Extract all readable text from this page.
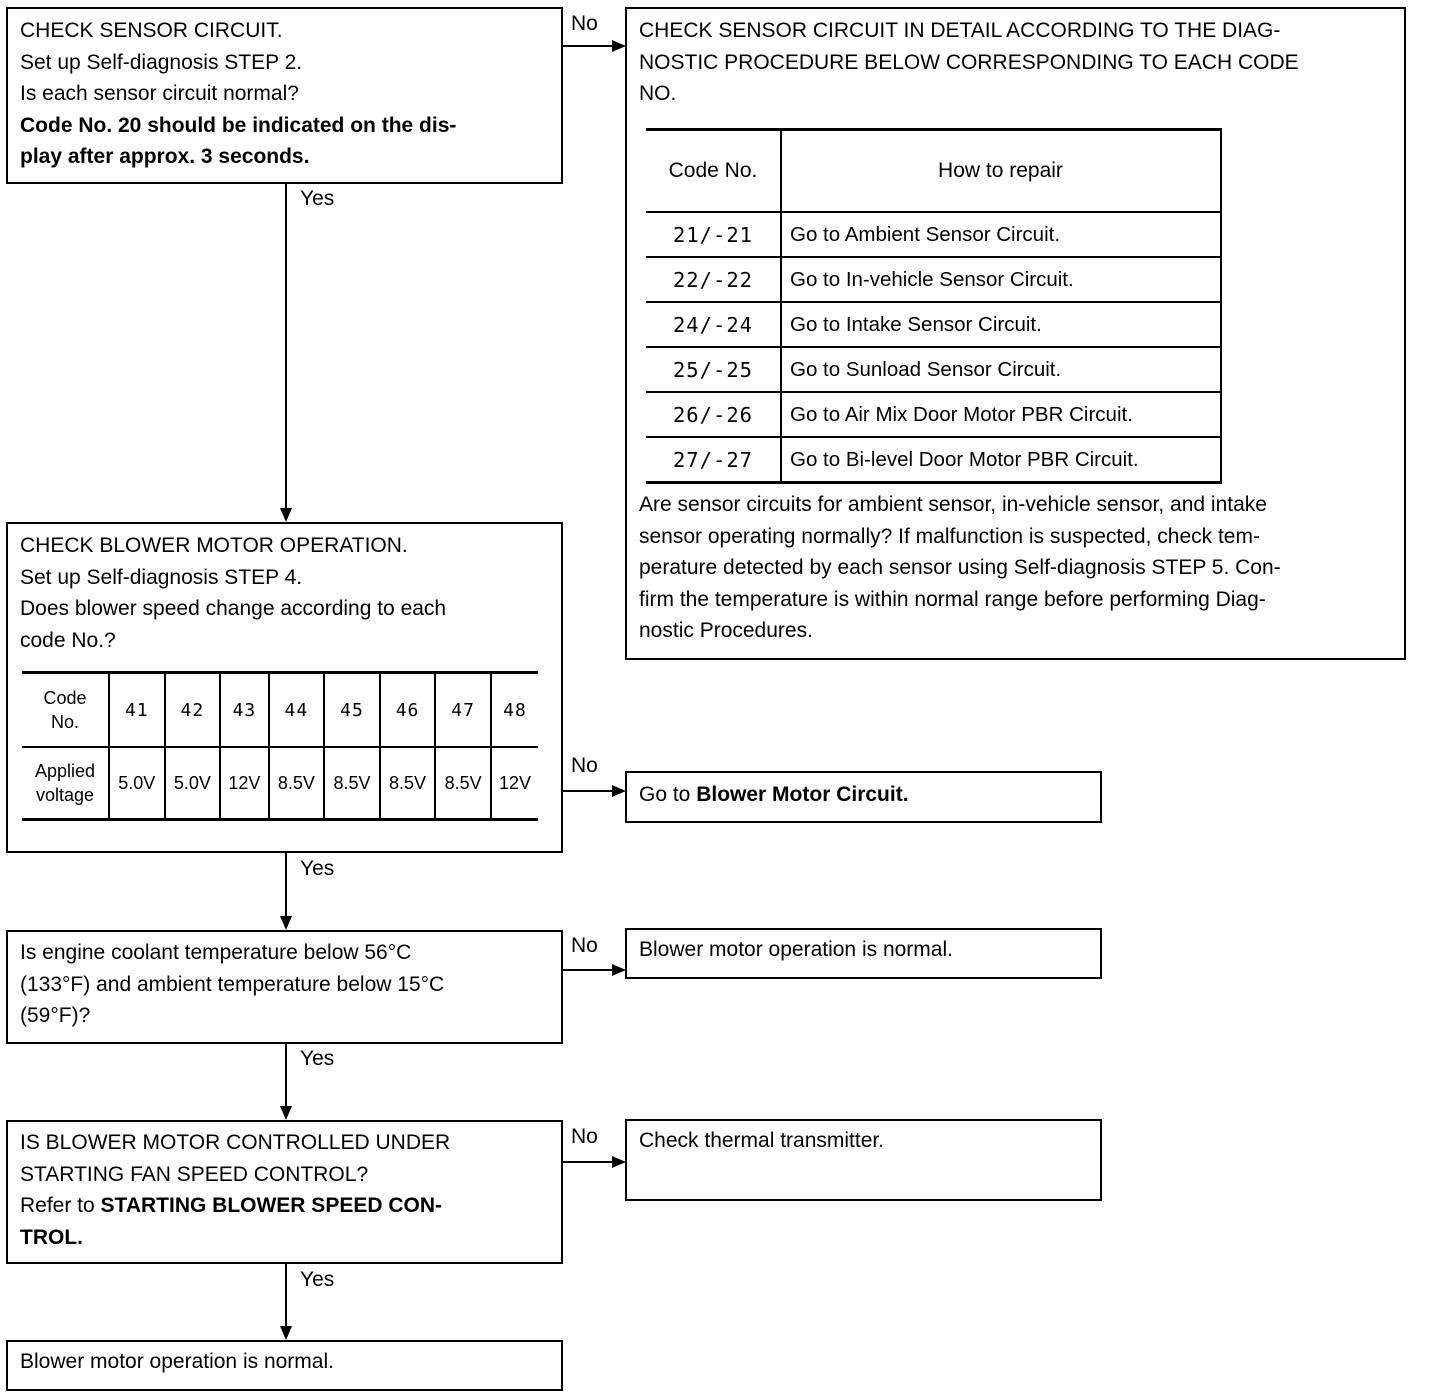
No
Yes
No
Yes
No
Yes
No
Yes

CHECK SENSOR CIRCUIT.

Set up Self-diagnosis STEP 2.

Is each sensor circuit normal?

Code No. 20 should be indicated on the dis-

play after approx. 3 seconds.

CHECK SENSOR CIRCUIT IN DETAIL ACCORDING TO THE DIAG-

NOSTIC PROCEDURE BELOW CORRESPONDING TO EACH CODE

NO.

Are sensor circuits for ambient sensor, in-vehicle sensor, and intake

sensor operating normally? If malfunction is suspected, check tem-

perature detected by each sensor using Self-diagnosis STEP 5. Con-

firm the temperature is within normal range before performing Diag-

nostic Procedures.

Code No.	How to repair
21/-21	Go to Ambient Sensor Circuit.
22/-22	Go to In-vehicle Sensor Circuit.
24/-24	Go to Intake Sensor Circuit.
25/-25	Go to Sunload Sensor Circuit.
26/-26	Go to Air Mix Door Motor PBR Circuit.
27/-27	Go to Bi-level Door Motor PBR Circuit.

CHECK BLOWER MOTOR OPERATION.

Set up Self-diagnosis STEP 4.

Does blower speed change according to each

code No.?

Code
No.	41	42	43	44	45	46	47	48
Applied
voltage	5.0V	5.0V	12V	8.5V	8.5V	8.5V	8.5V	12V

Go to Blower Motor Circuit.

Is engine coolant temperature below 56°C

(133°F) and ambient temperature below 15°C

(59°F)?

Blower motor operation is normal.

IS BLOWER MOTOR CONTROLLED UNDER

STARTING FAN SPEED CONTROL?

Refer to STARTING BLOWER SPEED CON-

TROL.

Check thermal transmitter.

Blower motor operation is normal.
